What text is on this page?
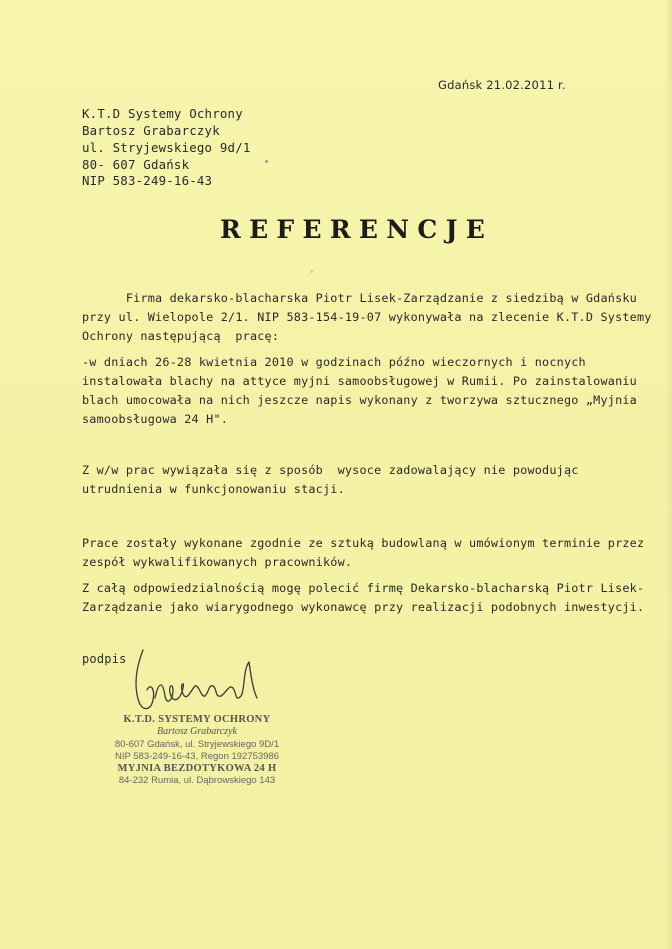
Gdańsk 21.02.2011 r.
K.T.D Systemy Ochrony
Bartosz Grabarczyk
ul. Stryjewskiego 9d/1
80- 607 Gdańsk
NIP 583-249-16-43
REFERENCJE
Firma dekarsko-blacharska Piotr Lisek-Zarządzanie z siedzibą w Gdańsku
przy ul. Wielopole 2/1. NIP 583-154-19-07 wykonywała na zlecenie K.T.D Systemy
Ochrony następującą  pracę:
-w dniach 26-28 kwietnia 2010 w godzinach późno wieczornych i nocnych
instalowała blachy na attyce myjni samoobsługowej w Rumii. Po zainstalowaniu
blach umocowała na nich jeszcze napis wykonany z tworzywa sztucznego „Myjnia
samoobsługowa 24 H".
Z w/w prac wywiązała się z sposób  wysoce zadowalający nie powodując
utrudnienia w funkcjonowaniu stacji.
Prace zostały wykonane zgodnie ze sztuką budowlaną w umówionym terminie przez
zespół wykwalifikowanych pracowników.
Z całą odpowiedzialnością mogę polecić firmę Dekarsko-blacharską Piotr Lisek-
Zarządzanie jako wiarygodnego wykonawcę przy realizacji podobnych inwestycji.
podpis
K.T.D. SYSTEMY OCHRONY
Bartosz Grabarczyk
80-607 Gdańsk, ul. Stryjewskiego 9D/1
NIP 583-249-16-43, Regon 192753986
MYJNIA BEZDOTYKOWA 24 H
84-232 Rumia, ul. Dąbrowskiego 143
